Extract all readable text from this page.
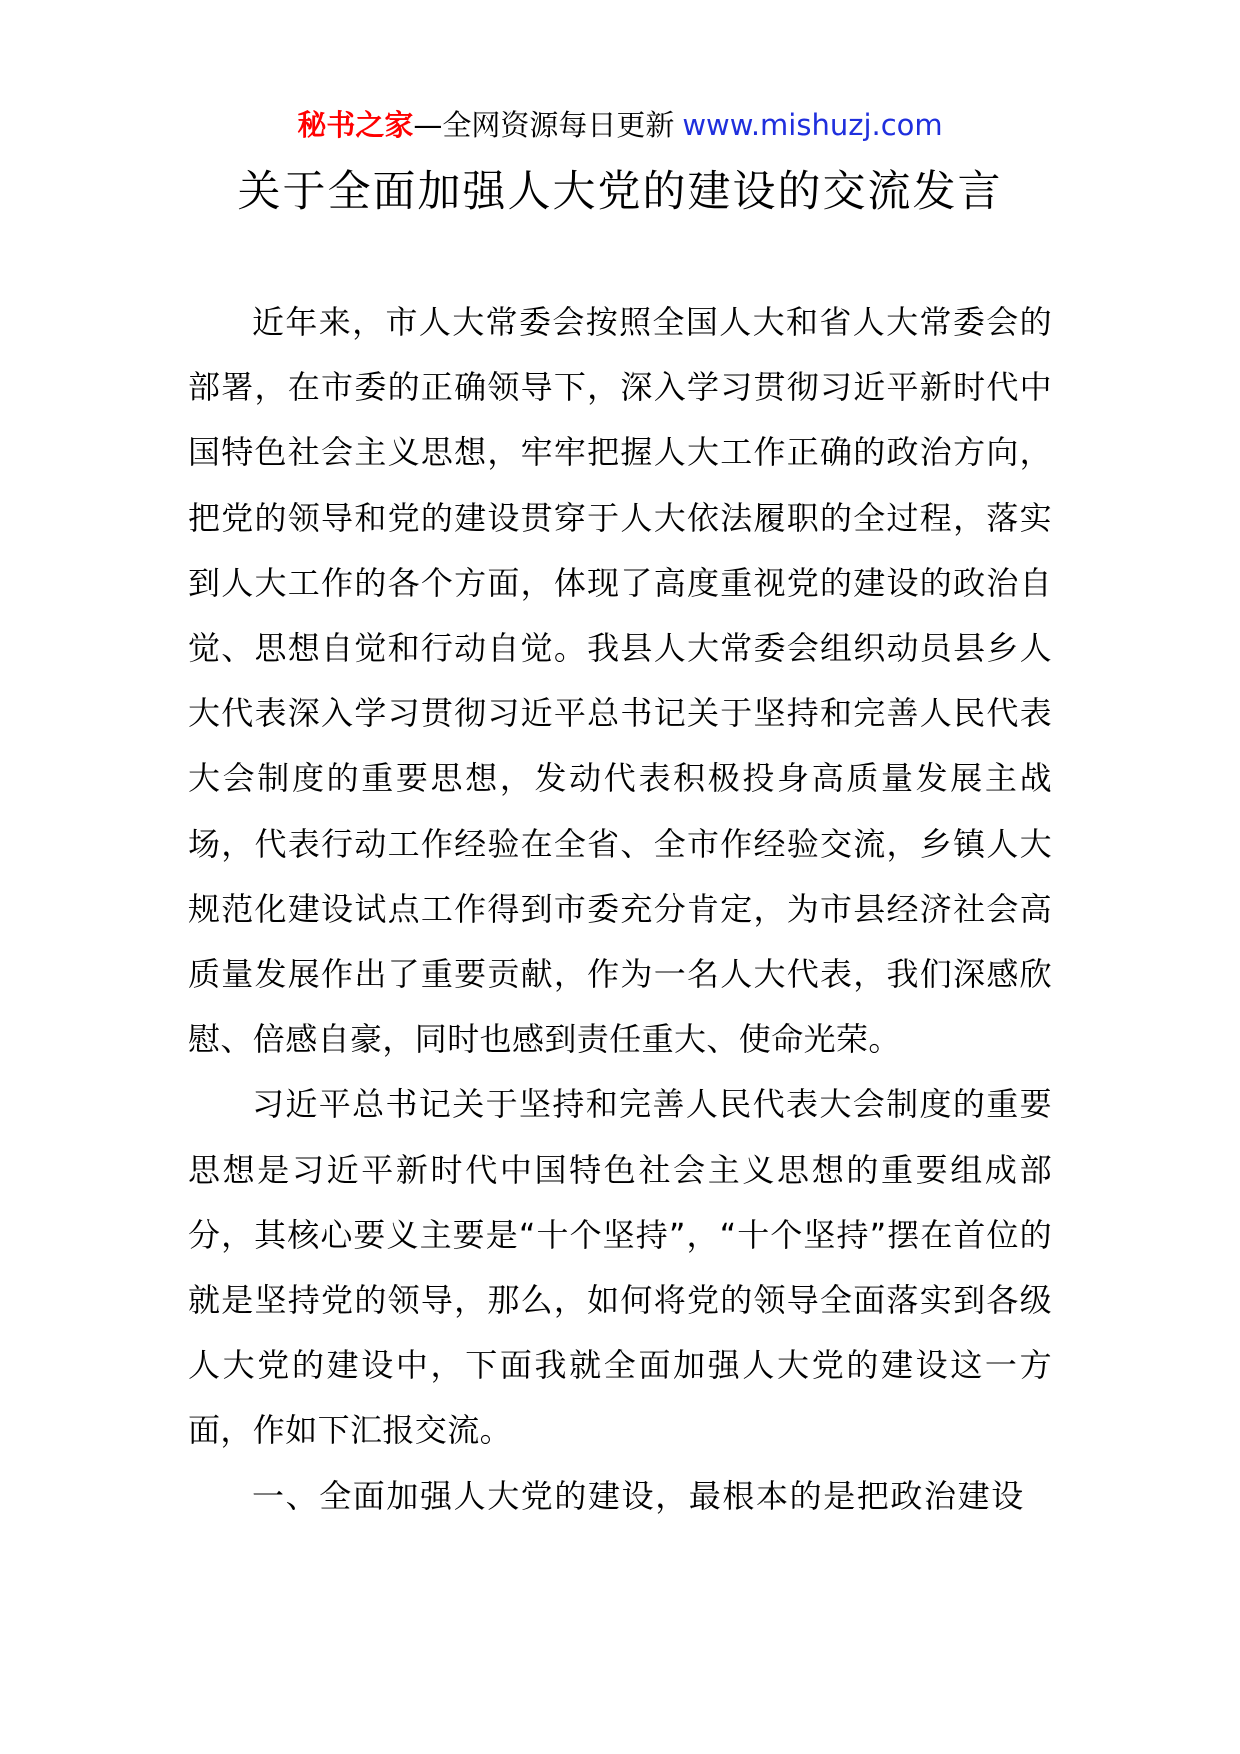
秘书之家—全网资源每日更新 www.mishuzj.com
关于全面加强人大党的建设的交流发言

近年来，市人大常委会按照全国人大和省人大常委会的部署，在市委的正确领导下，深入学习贯彻习近平新时代中国特色社会主义思想，牢牢把握人大工作正确的政治方向，把党的领导和党的建设贯穿于人大依法履职的全过程，落实到人大工作的各个方面，体现了高度重视党的建设的政治自觉、思想自觉和行动自觉。我县人大常委会组织动员县乡人大代表深入学习贯彻习近平总书记关于坚持和完善人民代表大会制度的重要思想，发动代表积极投身高质量发展主战场，代表行动工作经验在全省、全市作经验交流，乡镇人大规范化建设试点工作得到市委充分肯定，为市县经济社会高质量发展作出了重要贡献，作为一名人大代表，我们深感欣慰、倍感自豪，同时也感到责任重大、使命光荣。

习近平总书记关于坚持和完善人民代表大会制度的重要思想是习近平新时代中国特色社会主义思想的重要组成部分，其核心要义主要是“十个坚持”，“十个坚持”摆在首位的就是坚持党的领导，那么，如何将党的领导全面落实到各级人大党的建设中，下面我就全面加强人大党的建设这一方面，作如下汇报交流。

一、全面加强人大党的建设，最根本的是把政治建设
